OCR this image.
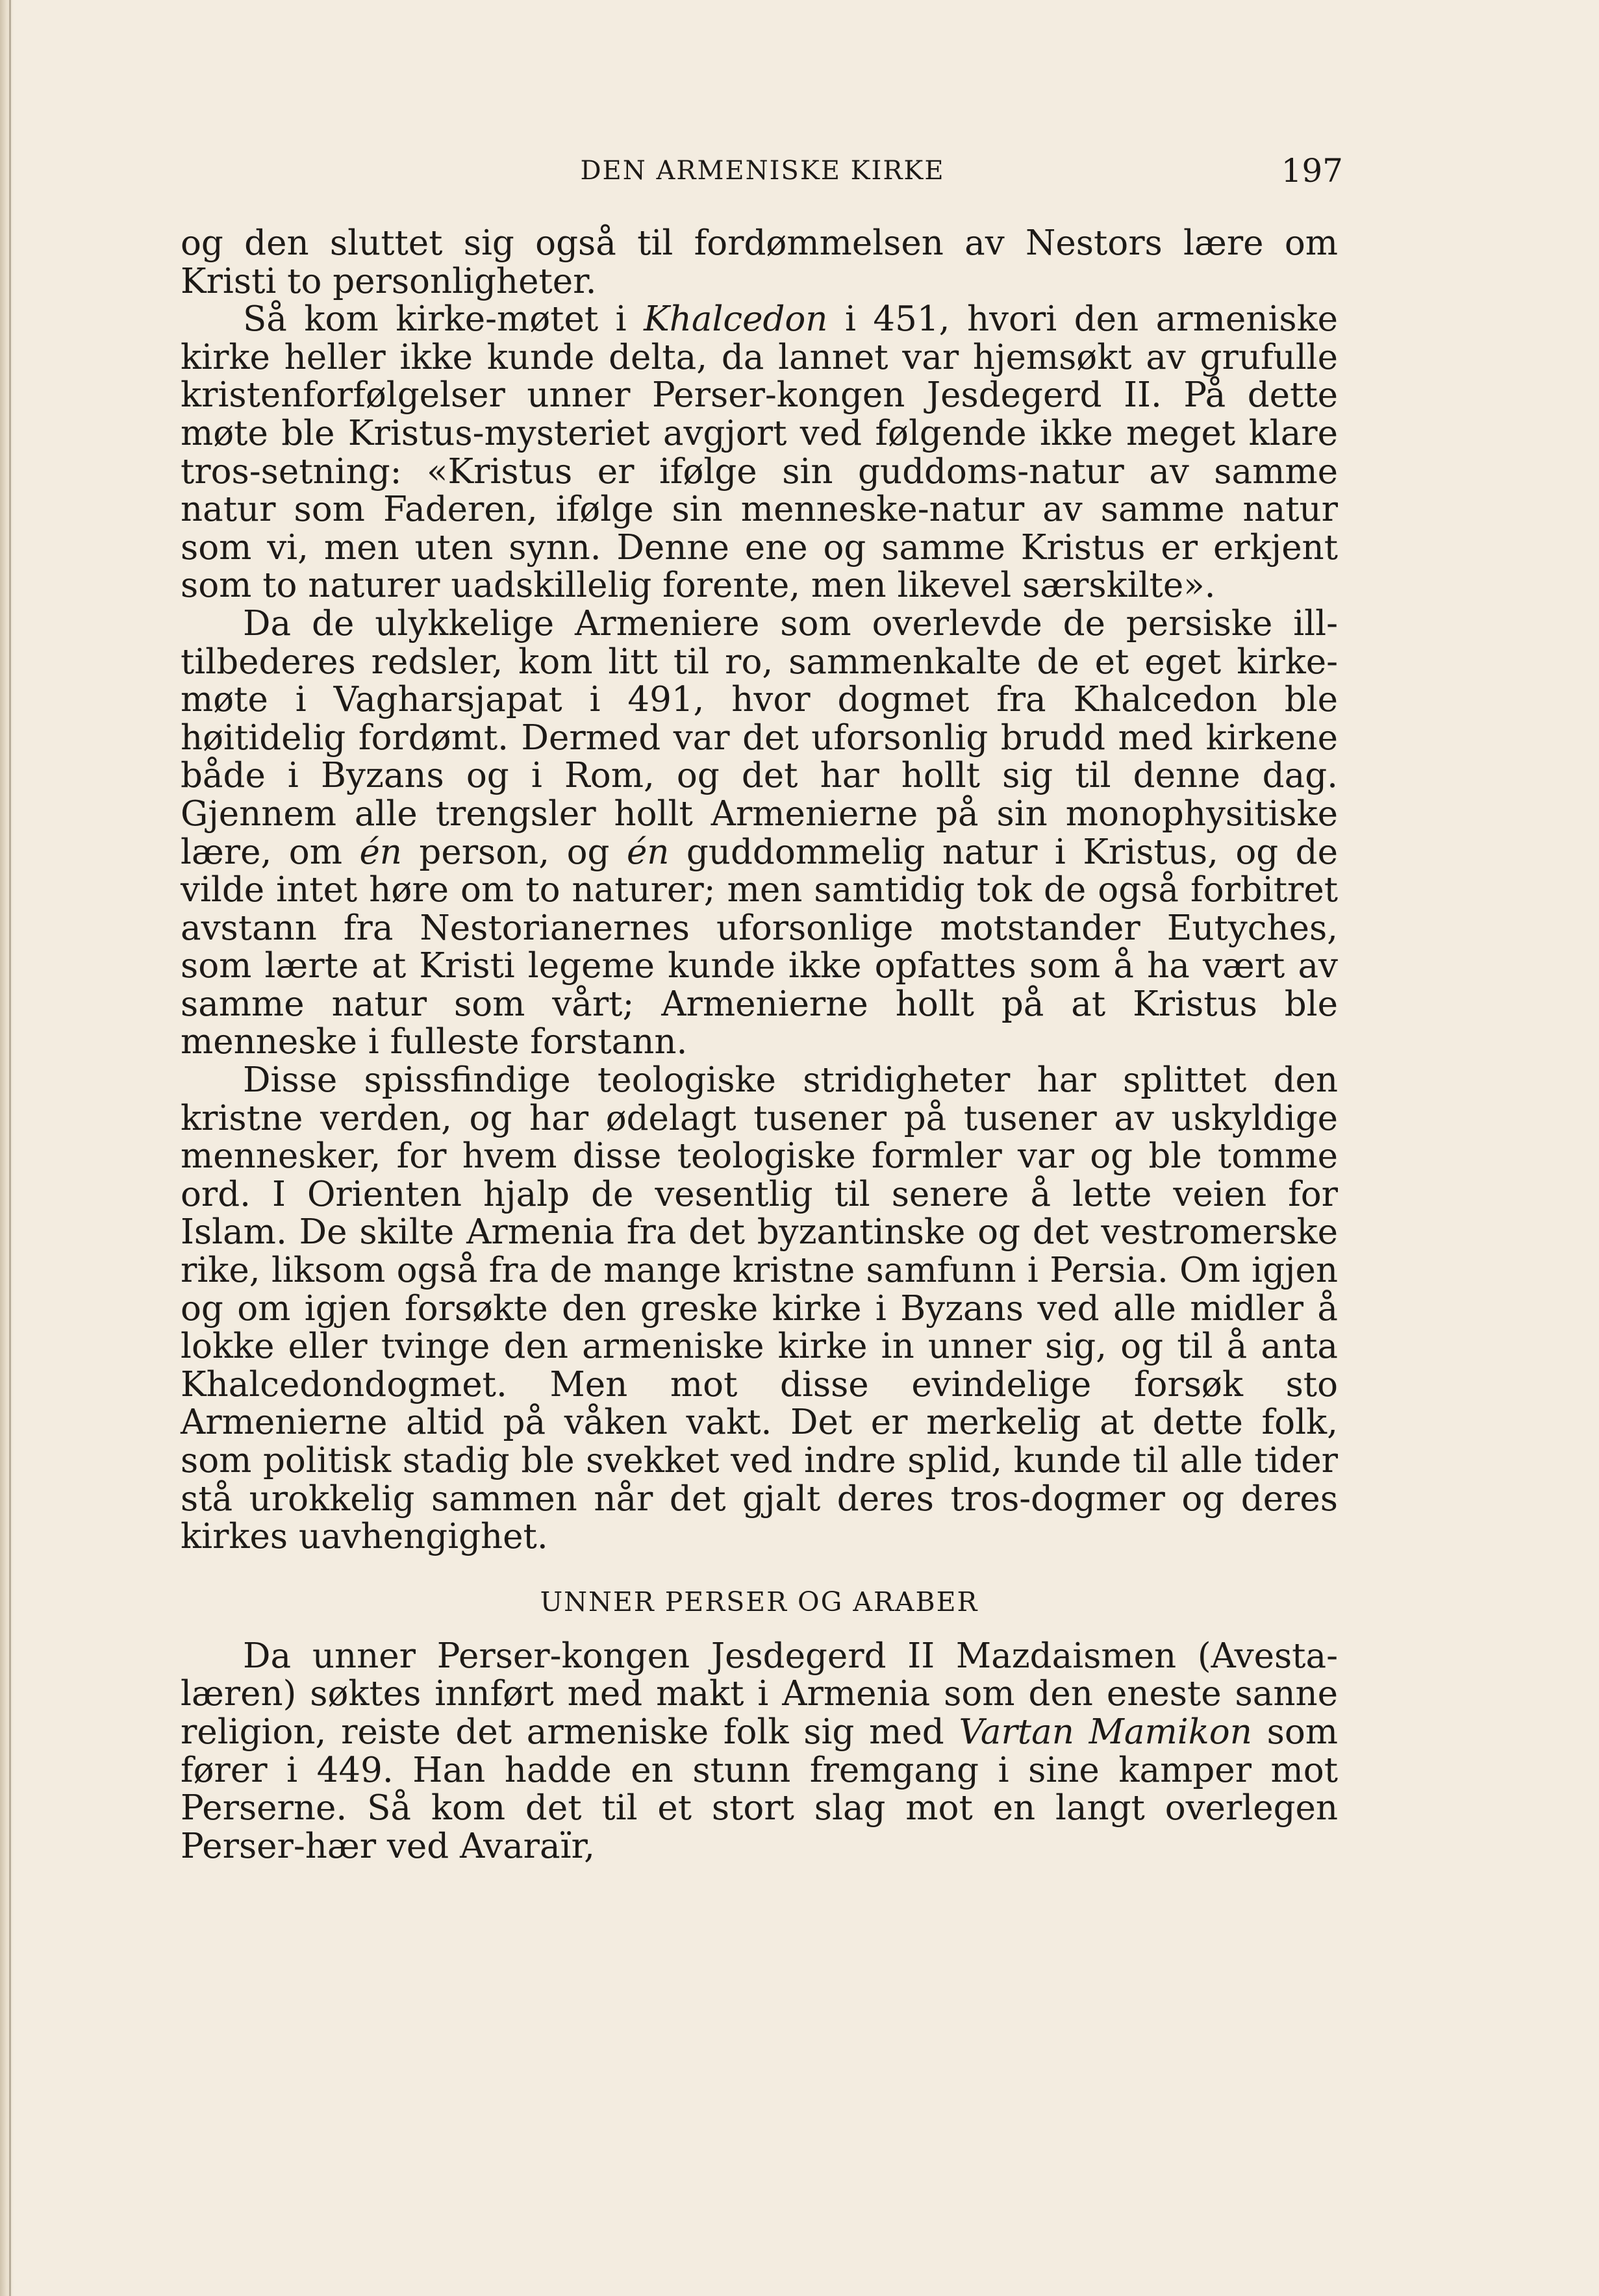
DEN ARMENISKE KIRKE	197

og den sluttet sig også til fordømmelsen av Nestors lære om Kristi to personligheter.

Så kom kirke-møtet i Khalcedon i 451, hvori den armeniske kirke heller ikke kunde delta, da lannet var hjemsøkt av grufulle kristenforfølgelser unner Perser-kongen Jesdegerd II. På dette møte ble Kristus-mysteriet avgjort ved følgende ikke meget klare tros-setning: «Kristus er ifølge sin guddoms-natur av samme natur som Faderen, ifølge sin menneske-natur av samme natur som vi, men uten synn. Denne ene og samme Kristus er erkjent som to naturer uadskillelig forente, men likevel særskilte».

Da de ulykkelige Armeniere som overlevde de persiske ill-tilbederes redsler, kom litt til ro, sammenkalte de et eget kirke-møte i Vagharsjapat i 491, hvor dogmet fra Khalcedon ble høitidelig fordømt. Dermed var det uforsonlig brudd med kirkene både i Byzans og i Rom, og det har hollt sig til denne dag. Gjennem alle trengsler hollt Armenierne på sin monophysitiske lære, om én person, og én guddommelig natur i Kristus, og de vilde intet høre om to naturer; men samtidig tok de også forbitret avstann fra Nestorianernes uforsonlige motstander Eutyches, som lærte at Kristi legeme kunde ikke opfattes som å ha vært av samme natur som vårt; Armenierne hollt på at Kristus ble menneske i fulleste forstann.

Disse spissfindige teologiske stridigheter har splittet den kristne verden, og har ødelagt tusener på tusener av uskyldige mennesker, for hvem disse teologiske formler var og ble tomme ord. I Orienten hjalp de vesentlig til senere å lette veien for Islam. De skilte Armenia fra det byzantinske og det vestromerske rike, liksom også fra de mange kristne samfunn i Persia. Om igjen og om igjen forsøkte den greske kirke i Byzans ved alle midler å lokke eller tvinge den armeniske kirke in unner sig, og til å anta Khalcedondogmet. Men mot disse evindelige forsøk sto Armenierne altid på våken vakt. Det er merkelig at dette folk, som politisk stadig ble svekket ved indre splid, kunde til alle tider stå urokkelig sammen når det gjalt deres tros-dogmer og deres kirkes uavhengighet.

UNNER PERSER OG ARABER

Da unner Perser-kongen Jesdegerd II Mazdaismen (Avesta-læren) søktes innført med makt i Armenia som den eneste sanne religion, reiste det armeniske folk sig med Vartan Mamikon som fører i 449. Han hadde en stunn fremgang i sine kamper mot Perserne. Så kom det til et stort slag mot en langt overlegen Perser-hær ved Avaraïr,
